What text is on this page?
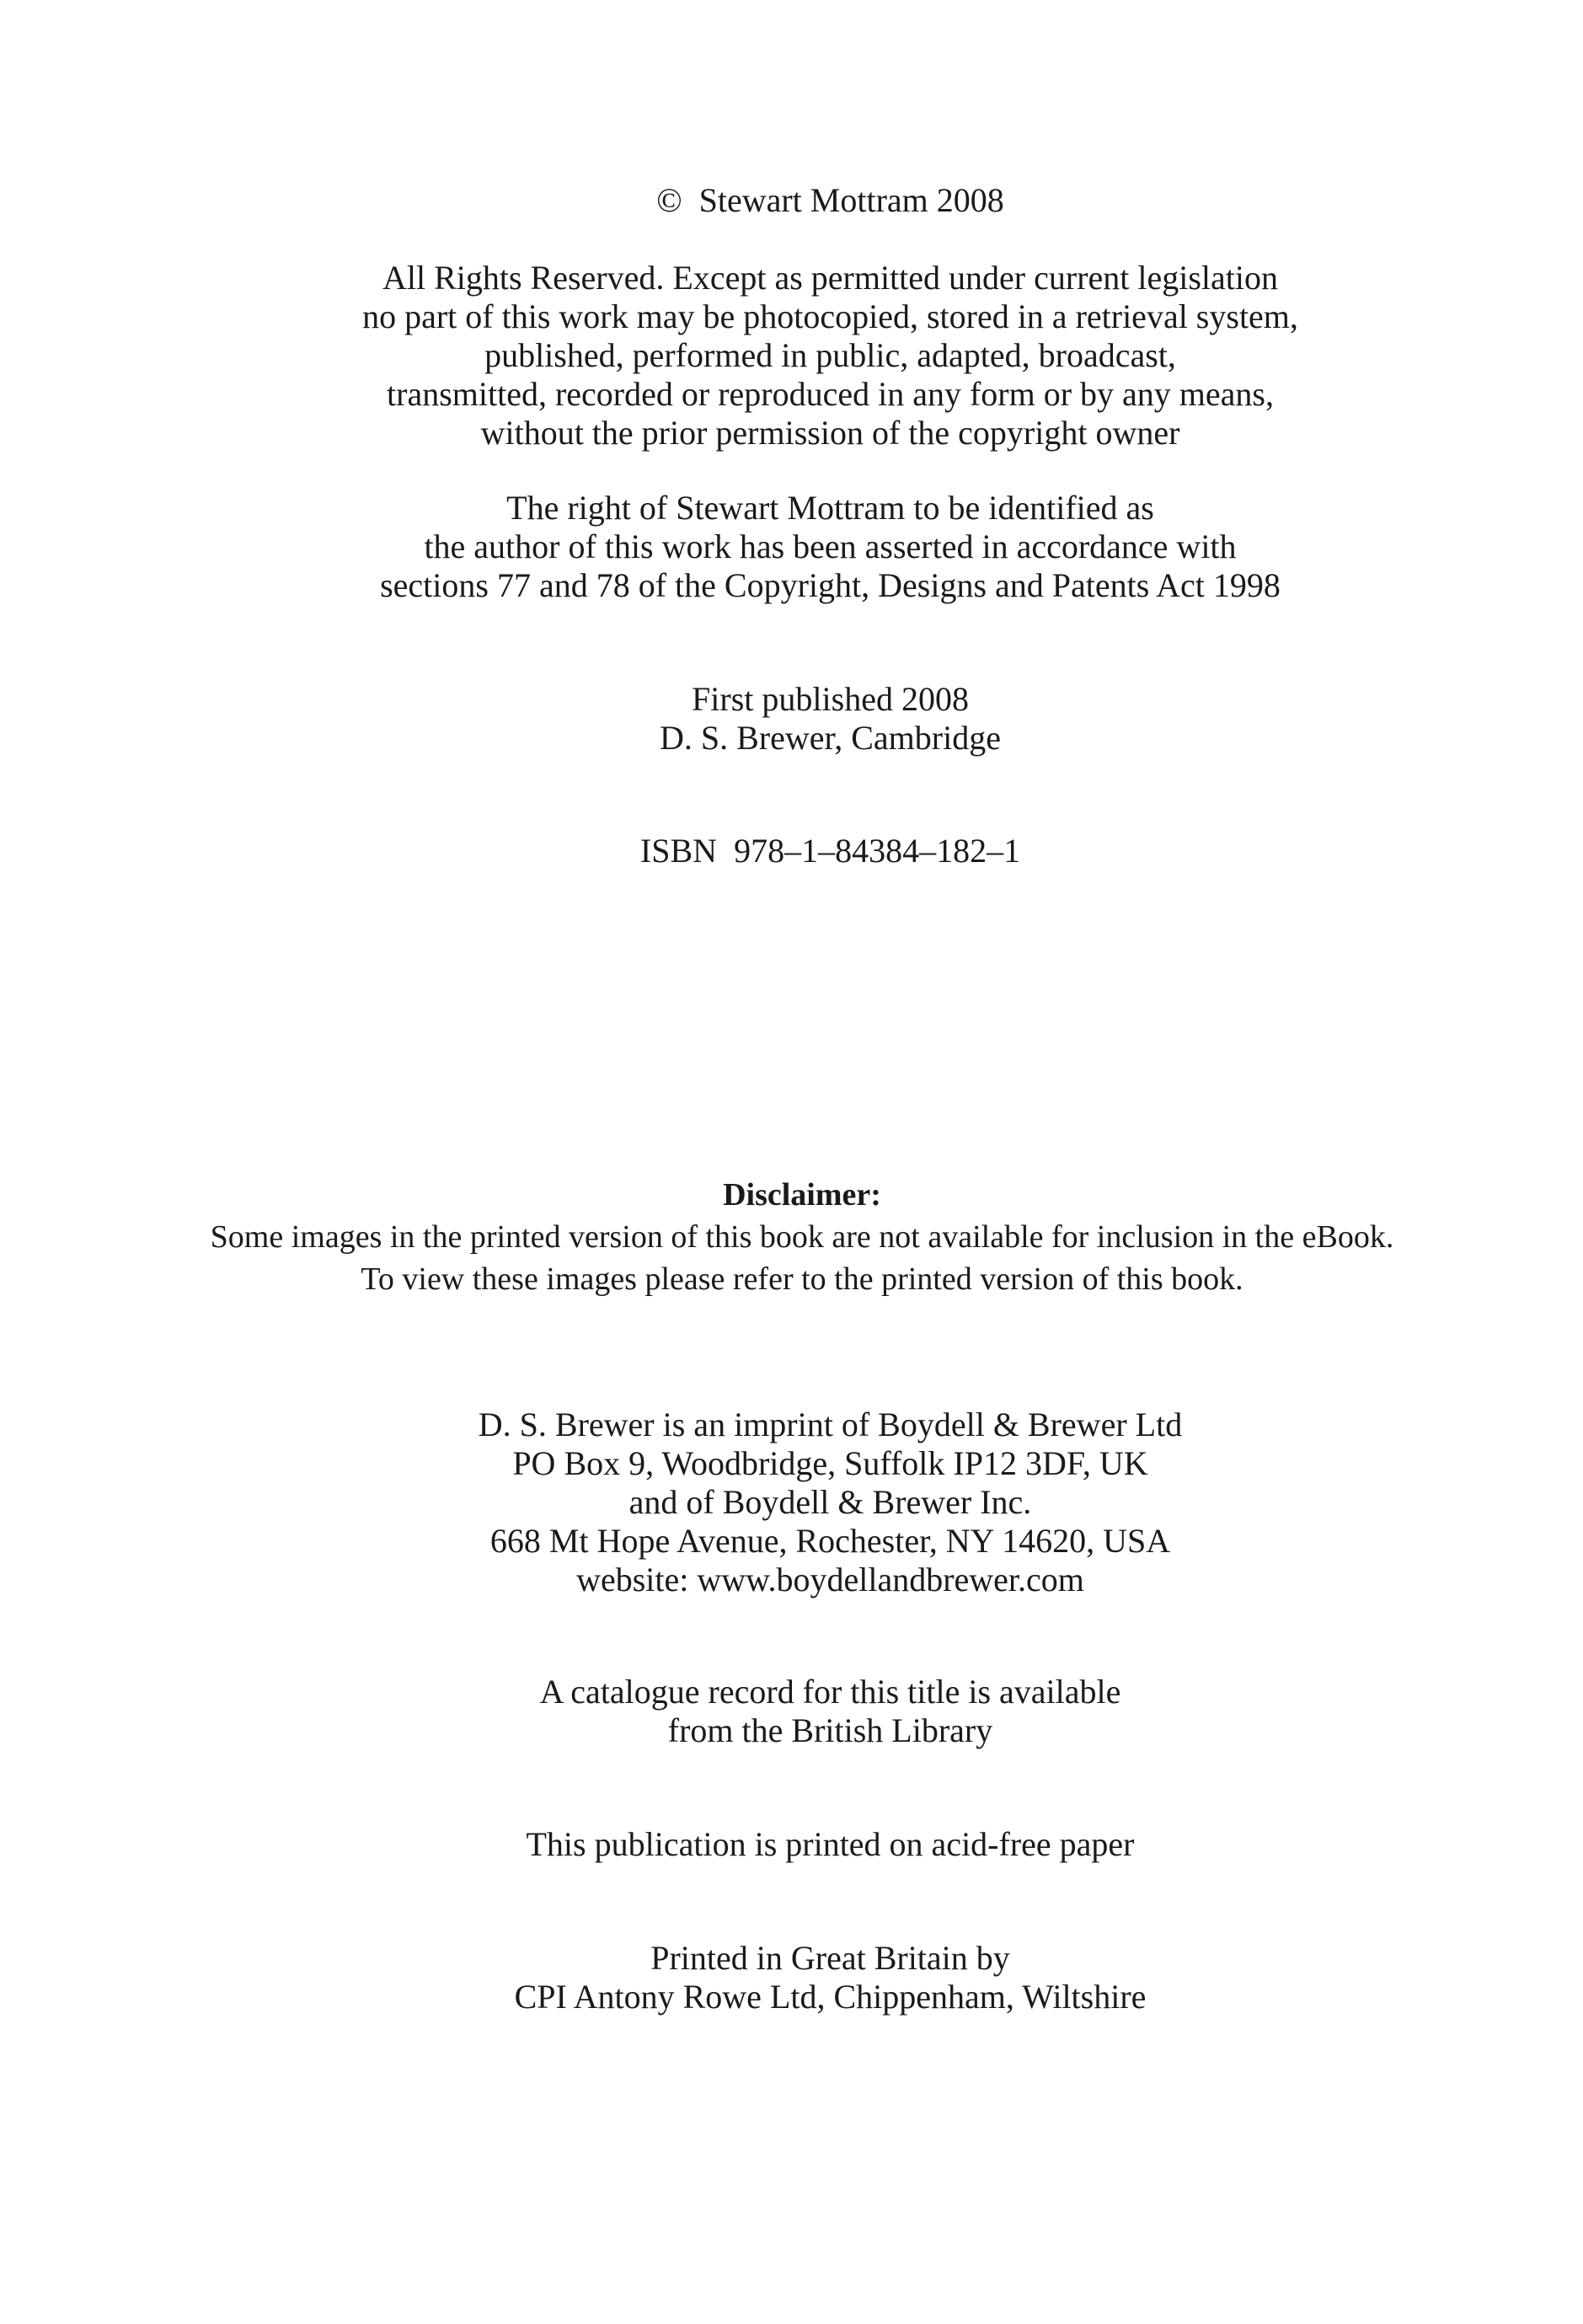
© Stewart Mottram 2008
All Rights Reserved. Except as permitted under current legislation
no part of this work may be photocopied, stored in a retrieval system,
published, performed in public, adapted, broadcast,
transmitted, recorded or reproduced in any form or by any means,
without the prior permission of the copyright owner
The right of Stewart Mottram to be identified as
the author of this work has been asserted in accordance with
sections 77 and 78 of the Copyright, Designs and Patents Act 1998
First published 2008
D. S. Brewer, Cambridge
ISBN 978–1–84384–182–1
Disclaimer:
Some images in the printed version of this book are not available for inclusion in the eBook.
To view these images please refer to the printed version of this book.
D. S. Brewer is an imprint of Boydell & Brewer Ltd
PO Box 9, Woodbridge, Suffolk IP12 3DF, UK
and of Boydell & Brewer Inc.
668 Mt Hope Avenue, Rochester, NY 14620, USA
website: www.boydellandbrewer.com
A catalogue record for this title is available
from the British Library
This publication is printed on acid-free paper
Printed in Great Britain by
CPI Antony Rowe Ltd, Chippenham, Wiltshire
